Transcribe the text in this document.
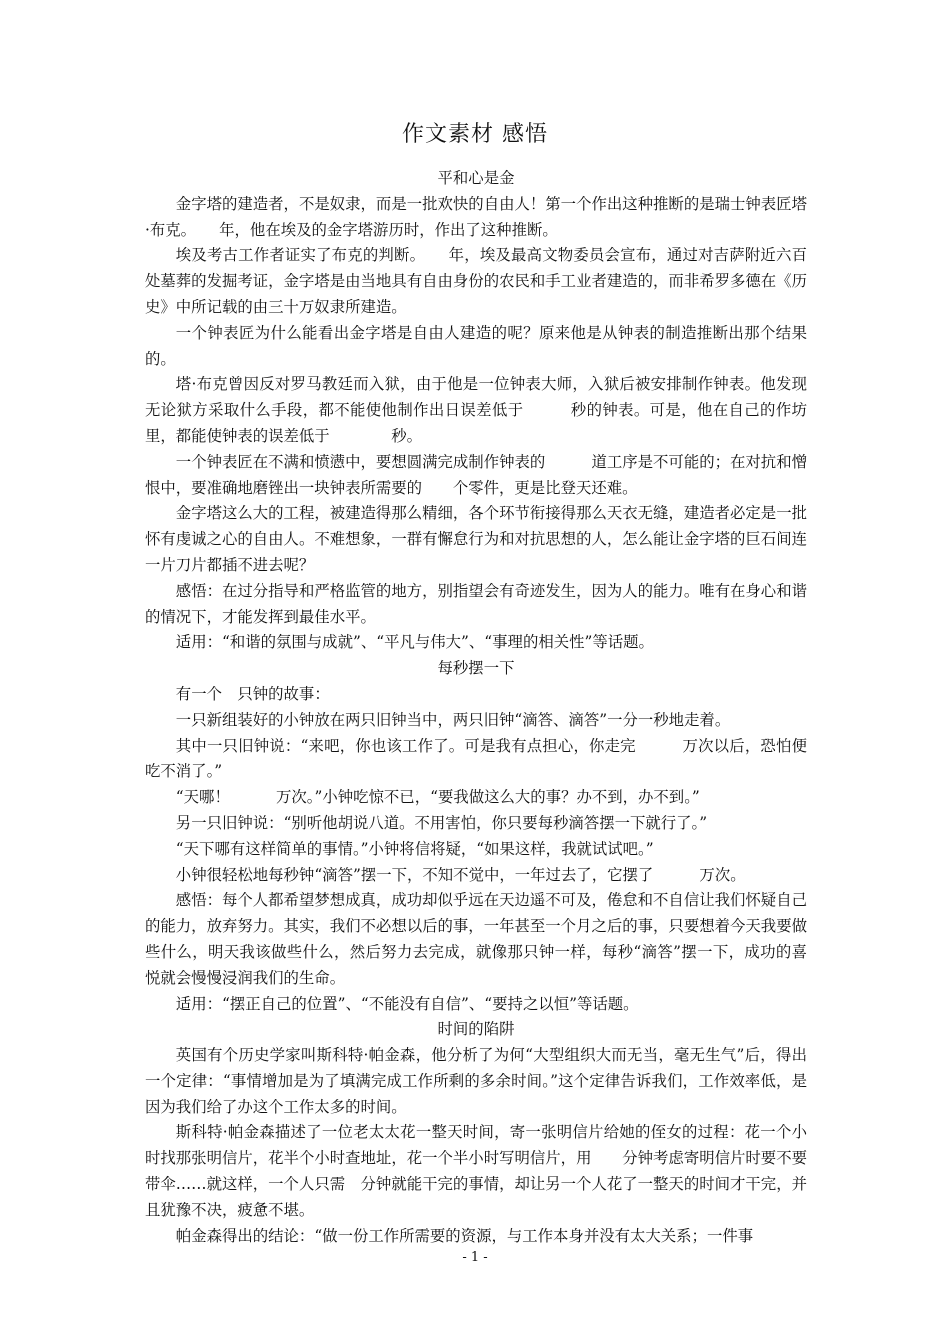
作文素材 感悟
平和心是金

金字塔的建造者，不是奴隶，而是一批欢快的自由人！第一个作出这种推断的是瑞士钟表匠塔·布克。　　年，他在埃及的金字塔游历时，作出了这种推断。

埃及考古工作者证实了布克的判断。　　年，埃及最高文物委员会宣布，通过对吉萨附近六百处墓葬的发掘考证，金字塔是由当地具有自由身份的农民和手工业者建造的，而非希罗多德在《历史》中所记载的由三十万奴隶所建造。

一个钟表匠为什么能看出金字塔是自由人建造的呢？原来他是从钟表的制造推断出那个结果的。

塔·布克曾因反对罗马教廷而入狱，由于他是一位钟表大师，入狱后被安排制作钟表。他发现无论狱方采取什么手段，都不能使他制作出日误差低于　　　秒的钟表。可是，他在自己的作坊里，都能使钟表的误差低于　　　　秒。

一个钟表匠在不满和愤懑中，要想圆满完成制作钟表的　　　道工序是不可能的；在对抗和憎恨中，要准确地磨锉出一块钟表所需要的　　个零件，更是比登天还难。

金字塔这么大的工程，被建造得那么精细，各个环节衔接得那么天衣无缝，建造者必定是一批怀有虔诚之心的自由人。不难想象，一群有懈怠行为和对抗思想的人，怎么能让金字塔的巨石间连一片刀片都插不进去呢？

感悟：在过分指导和严格监管的地方，别指望会有奇迹发生，因为人的能力。唯有在身心和谐的情况下，才能发挥到最佳水平。

适用：“和谐的氛围与成就”、“平凡与伟大”、“事理的相关性”等话题。

每秒摆一下

有一个　只钟的故事：

一只新组装好的小钟放在两只旧钟当中，两只旧钟“滴答、滴答”一分一秒地走着。

其中一只旧钟说：“来吧，你也该工作了。可是我有点担心，你走完　　　万次以后，恐怕便吃不消了。”

“天哪！　　　万次。”小钟吃惊不已，“要我做这么大的事？办不到，办不到。”

另一只旧钟说：“别听他胡说八道。不用害怕，你只要每秒滴答摆一下就行了。”

“天下哪有这样简单的事情。”小钟将信将疑，“如果这样，我就试试吧。”

小钟很轻松地每秒钟“滴答”摆一下，不知不觉中，一年过去了，它摆了　　　万次。

感悟：每个人都希望梦想成真，成功却似乎远在天边遥不可及，倦怠和不自信让我们怀疑自己的能力，放弃努力。其实，我们不必想以后的事，一年甚至一个月之后的事，只要想着今天我要做些什么，明天我该做些什么，然后努力去完成，就像那只钟一样，每秒“滴答”摆一下，成功的喜悦就会慢慢浸润我们的生命。

适用：“摆正自己的位置”、“不能没有自信”、“要持之以恒”等话题。

时间的陷阱

英国有个历史学家叫斯科特·帕金森，他分析了为何“大型组织大而无当，毫无生气”后，得出一个定律：“事情增加是为了填满完成工作所剩的多余时间。”这个定律告诉我们，工作效率低，是因为我们给了办这个工作太多的时间。

斯科特·帕金森描述了一位老太太花一整天时间，寄一张明信片给她的侄女的过程：花一个小时找那张明信片，花半个小时查地址，花一个半小时写明信片，用　　分钟考虑寄明信片时要不要带伞……就这样，一个人只需　分钟就能干完的事情，却让另一个人花了一整天的时间才干完，并且犹豫不决，疲惫不堪。

帕金森得出的结论：“做一份工作所需要的资源，与工作本身并没有太大关系；一件事

- 1 -
